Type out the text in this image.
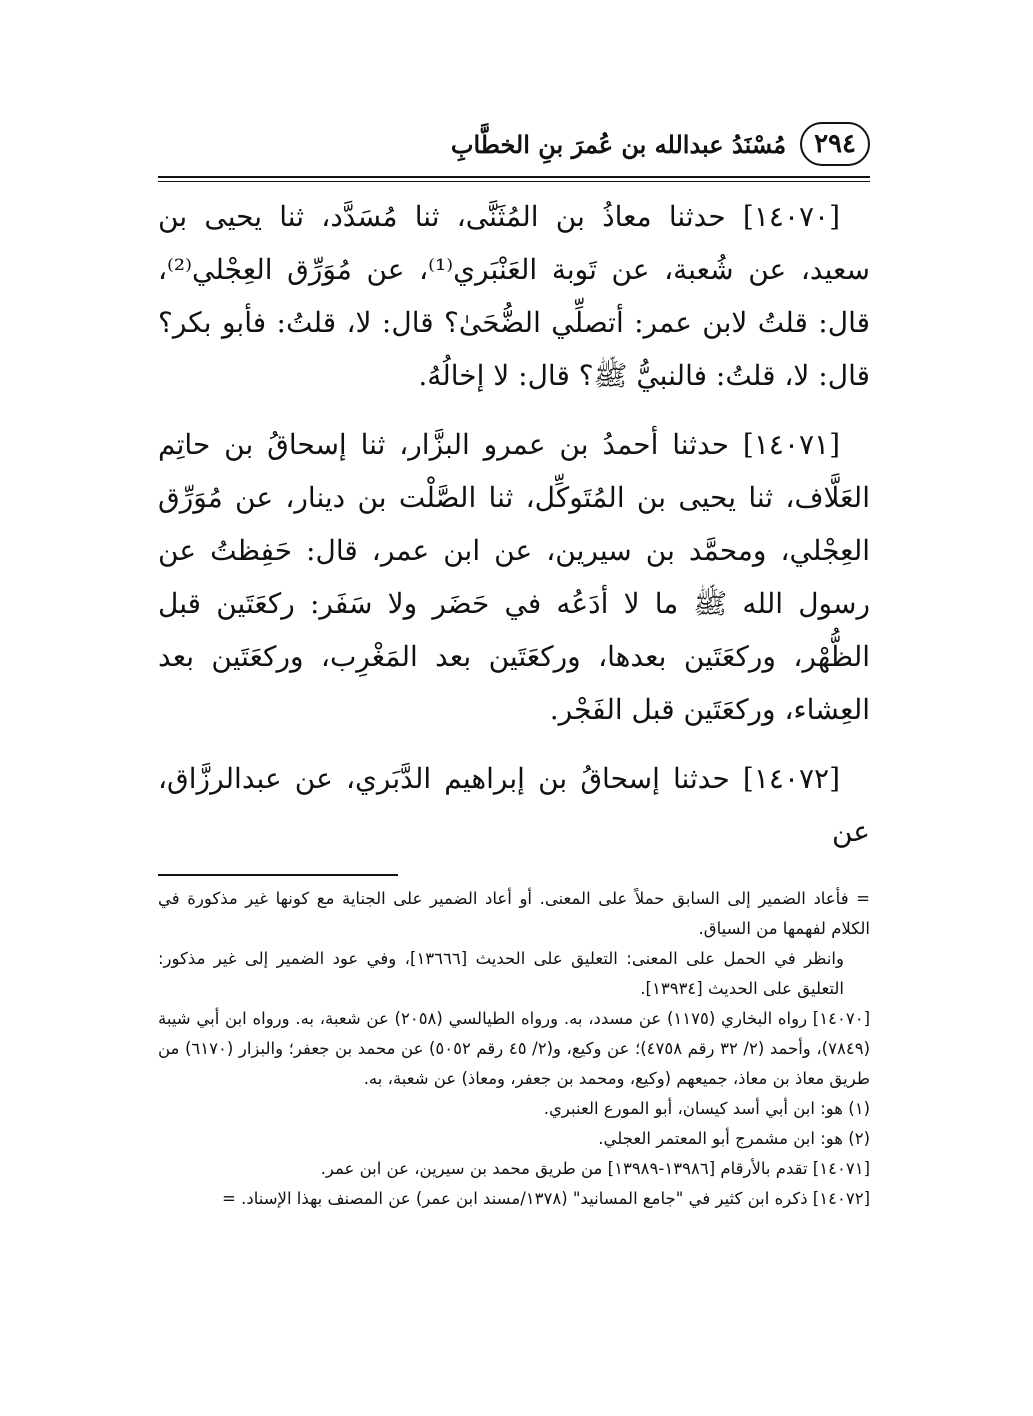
٢٩٤
مُسْنَدُ عبدالله بن عُمرَ بنِ الخطَّابِ

[١٤٠٧٠] حدثنا معاذُ بن المُثَنَّى، ثنا مُسَدَّد، ثنا يحيى بن سعيد، عن شُعبة، عن تَوبة العَنْبَري⁽¹⁾، عن مُوَرِّق العِجْلي⁽²⁾، قال: قلتُ لابن عمر: أتصلِّي الضُّحَىٰ؟ قال: لا، قلتُ: فأبو بكر؟ قال: لا، قلتُ: فالنبيُّ ﷺ؟ قال: لا إخالُهُ.

[١٤٠٧١] حدثنا أحمدُ بن عمرو البزَّار، ثنا إسحاقُ بن حاتِم العَلَّاف، ثنا يحيى بن المُتَوكِّل، ثنا الصَّلْت بن دينار، عن مُوَرِّق العِجْلي، ومحمَّد بن سيرين، عن ابن عمر، قال: حَفِظتُ عن رسول الله ﷺ ما لا أدَعُه في حَضَر ولا سَفَر: ركعَتَين قبل الظُّهْر، وركعَتَين بعدها، وركعَتَين بعد المَغْرِب، وركعَتَين بعد العِشاء، وركعَتَين قبل الفَجْر.

[١٤٠٧٢] حدثنا إسحاقُ بن إبراهيم الدَّبَري، عن عبدالرزَّاق، عن

= فأعاد الضمير إلى السابق حملاً على المعنى. أو أعاد الضمير على الجناية مع كونها غير مذكورة في الكلام لفهمها من السياق.

وانظر في الحمل على المعنى: التعليق على الحديث [١٣٦٦٦]، وفي عود الضمير إلى غير مذكور: التعليق على الحديث [١٣٩٣٤].

[١٤٠٧٠] رواه البخاري (١١٧٥) عن مسدد، به. ورواه الطيالسي (٢٠٥٨) عن شعبة، به. ورواه ابن أبي شيبة (٧٨٤٩)، وأحمد (٢/ ٣٢ رقم ٤٧٥٨)؛ عن وكيع، و(٢/ ٤٥ رقم ٥٠٥٢) عن محمد بن جعفر؛ والبزار (٦١٧٠) من طريق معاذ بن معاذ، جميعهم (وكيع، ومحمد بن جعفر، ومعاذ) عن شعبة، به.

(١) هو: ابن أبي أسد كيسان، أبو المورع العنبري.

(٢) هو: ابن مشمرج أبو المعتمر العجلي.

[١٤٠٧١] تقدم بالأرقام [١٣٩٨٦-١٣٩٨٩] من طريق محمد بن سيرين، عن ابن عمر.

[١٤٠٧٢] ذكره ابن كثير في "جامع المسانيد" (١٣٧٨/مسند ابن عمر) عن المصنف بهذا الإسناد. =
